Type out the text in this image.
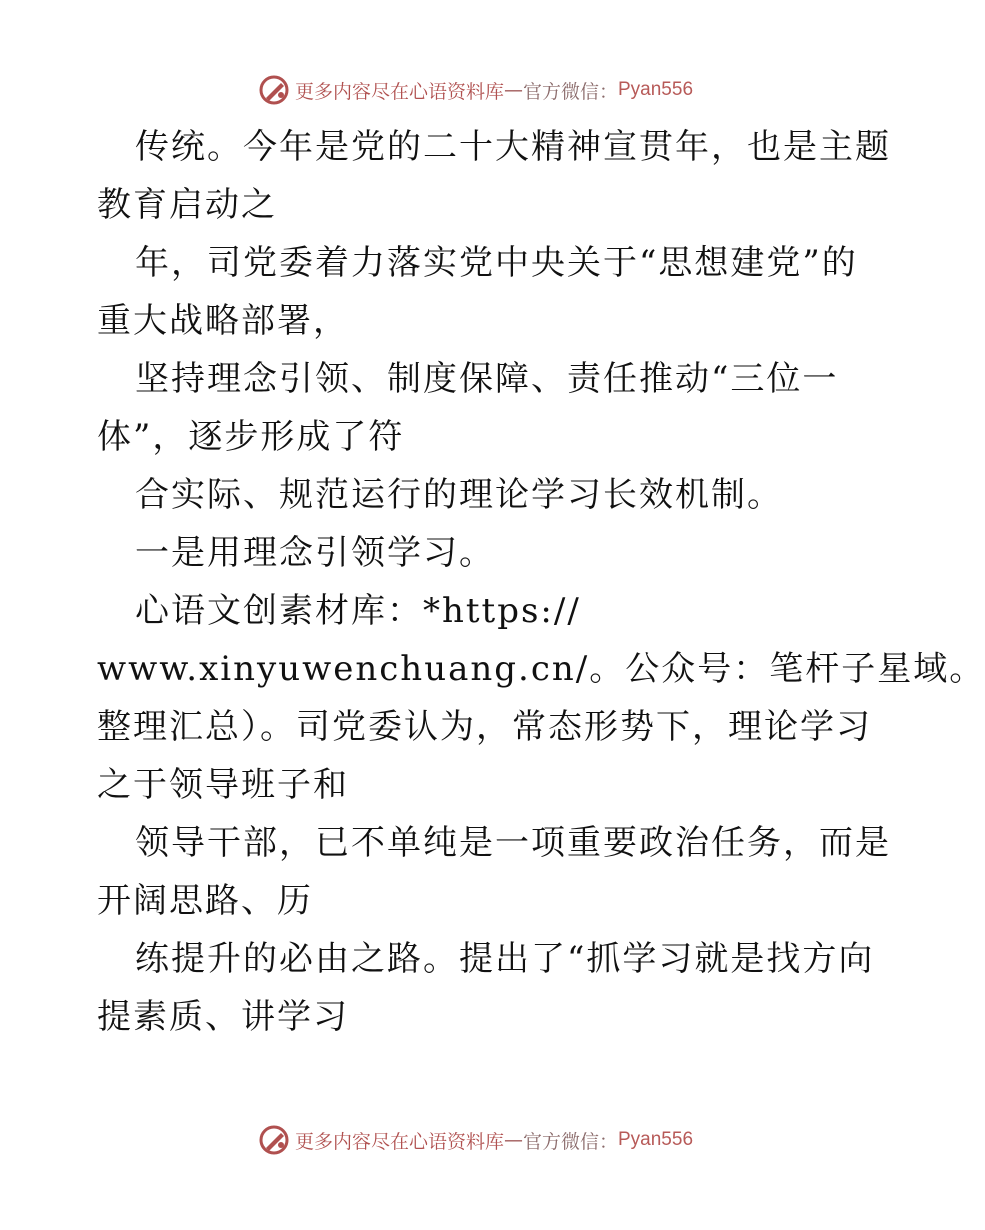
更多内容尽在心语资料库 — 官方微信： Pyan556
传统。今年是党的二十大精神宣贯年，也是主题
教育启动之
年，司党委着力落实党中央关于“思想建党”的
重大战略部署，
坚持理念引领、制度保障、责任推动“三位一
体”，逐步形成了符
合实际、规范运行的理论学习长效机制。
一是用理念引领学习。
心语文创素材库：*https://
www.xinyuwenchuang.cn/。公众号：笔杆子星域。
整理汇总）。司党委认为，常态形势下，理论学习
之于领导班子和
领导干部，已不单纯是一项重要政治任务，而是
开阔思路、历
练提升的必由之路。提出了“抓学习就是找方向
提素质、讲学习
更多内容尽在心语资料库 — 官方微信： Pyan556
